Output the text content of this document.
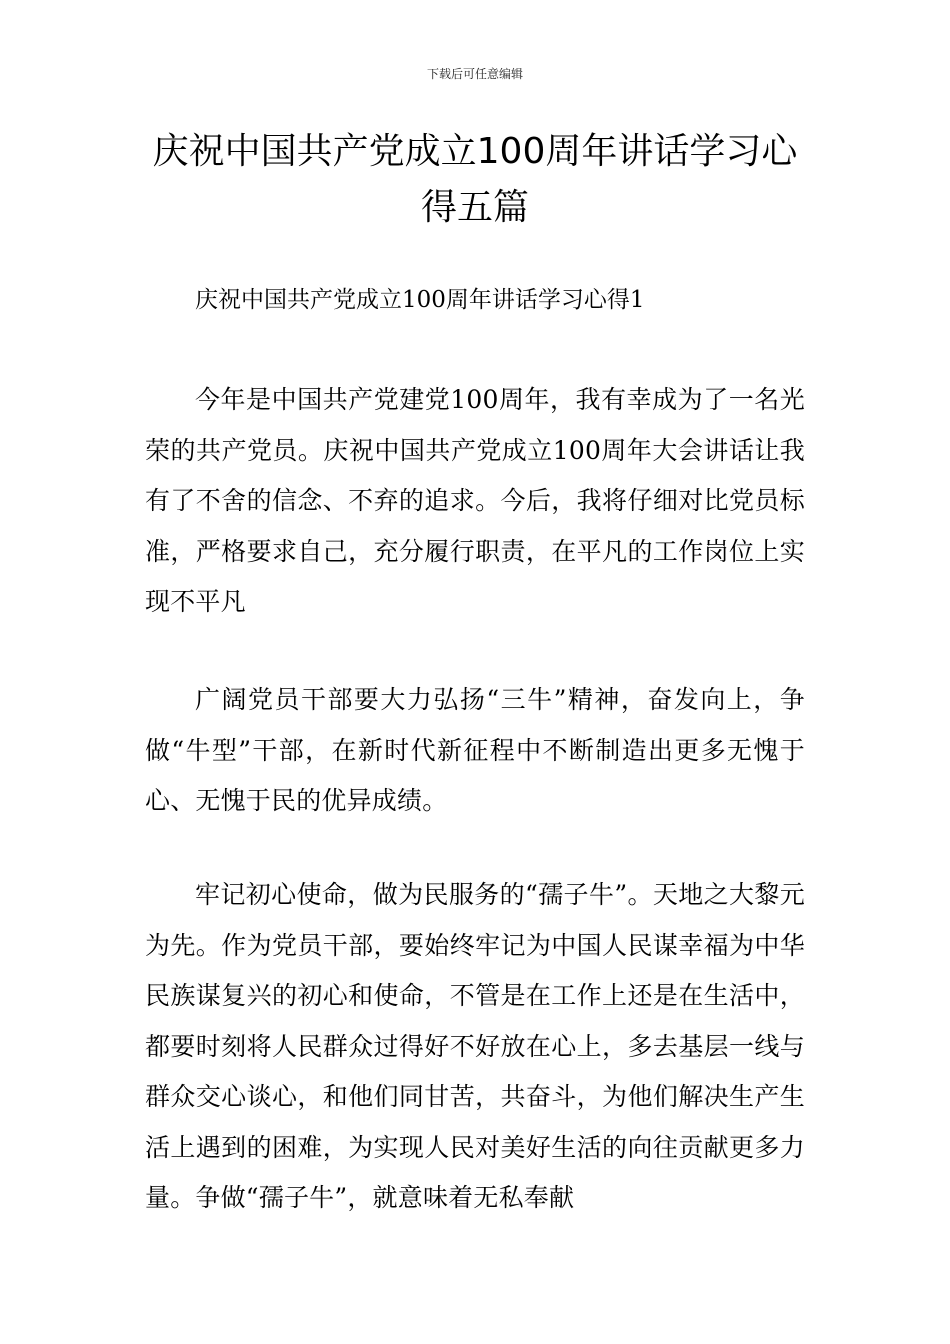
下载后可任意编辑
庆祝中国共产党成立100周年讲话学习心得五篇
庆祝中国共产党成立100周年讲话学习心得1

今年是中国共产党建党100周年，我有幸成为了一名光荣的共产党员。庆祝中国共产党成立100周年大会讲话让我有了不舍的信念、不弃的追求。今后，我将仔细对比党员标准，严格要求自己，充分履行职责，在平凡的工作岗位上实现不平凡

广阔党员干部要大力弘扬“三牛”精神，奋发向上，争做“牛型”干部，在新时代新征程中不断制造出更多无愧于心、无愧于民的优异成绩。

牢记初心使命，做为民服务的“孺子牛”。天地之大黎元为先。作为党员干部，要始终牢记为中国人民谋幸福为中华民族谋复兴的初心和使命，不管是在工作上还是在生活中，都要时刻将人民群众过得好不好放在心上，多去基层一线与群众交心谈心，和他们同甘苦，共奋斗，为他们解决生产生活上遇到的困难，为实现人民对美好生活的向往贡献更多力量。争做“孺子牛”，就意味着无私奉献
